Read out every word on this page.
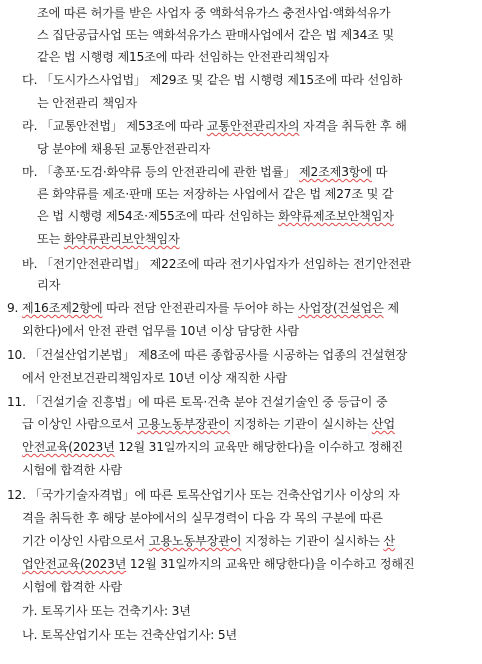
조에 따른 허가를 받은 사업자 중 액화석유가스 충전사업·액화석유가
스 집단공급사업 또는 액화석유가스 판매사업에서 같은 법 제34조 및
같은 법 시행령 제15조에 따라 선임하는 안전관리책임자
다. 「도시가스사업법」 제29조 및 같은 법 시행령 제15조에 따라 선임하
는 안전관리 책임자
라. 「교통안전법」 제53조에 따라 교통안전관리자의 자격을 취득한 후 해
당 분야에 채용된 교통안전관리자
마. 「총포·도검·화약류 등의 안전관리에 관한 법률」 제2조제3항에 따
른 화약류를 제조·판매 또는 저장하는 사업에서 같은 법 제27조 및 같
은 법 시행령 제54조·제55조에 따라 선임하는 화약류제조보안책임자
또는 화약류관리보안책임자
바. 「전기안전관리법」 제22조에 따라 전기사업자가 선임하는 전기안전관
리자
9. 제16조제2항에 따라 전담 안전관리자를 두어야 하는 사업장(건설업은 제
외한다)에서 안전 관련 업무를 10년 이상 담당한 사람
10. 「건설산업기본법」 제8조에 따른 종합공사를 시공하는 업종의 건설현장
에서 안전보건관리책임자로 10년 이상 재직한 사람
11. 「건설기술 진흥법」에 따른 토목·건축 분야 건설기술인 중 등급이 중
급 이상인 사람으로서 고용노동부장관이 지정하는 기관이 실시하는 산업
안전교육(2023년 12월 31일까지의 교육만 해당한다)을 이수하고 정해진
시험에 합격한 사람
12. 「국가기술자격법」에 따른 토목산업기사 또는 건축산업기사 이상의 자
격을 취득한 후 해당 분야에서의 실무경력이 다음 각 목의 구분에 따른
기간 이상인 사람으로서 고용노동부장관이 지정하는 기관이 실시하는 산
업안전교육(2023년 12월 31일까지의 교육만 해당한다)을 이수하고 정해진
시험에 합격한 사람
가. 토목기사 또는 건축기사: 3년
나. 토목산업기사 또는 건축산업기사: 5년
